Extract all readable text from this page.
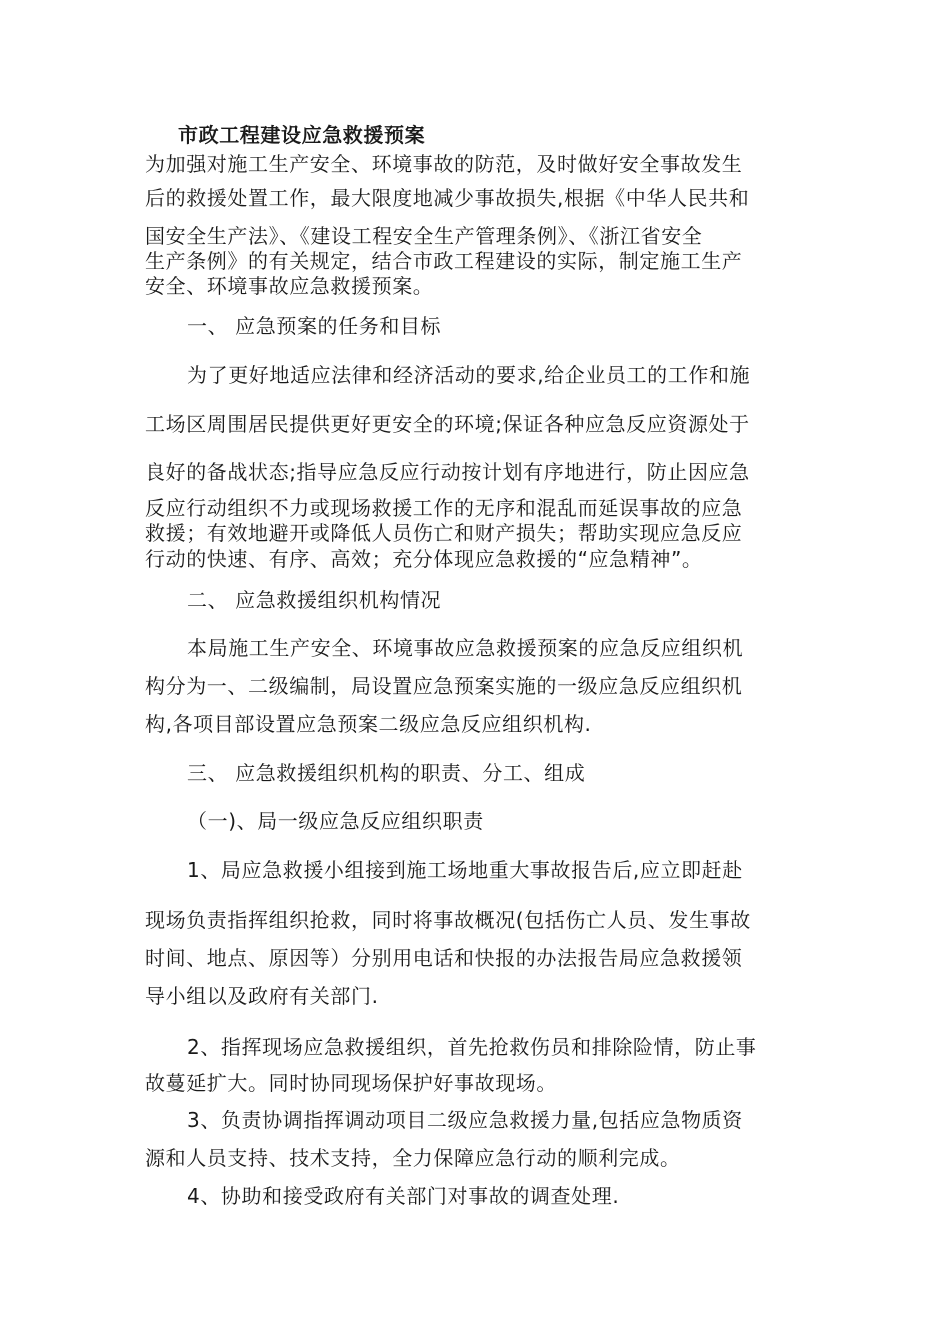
市政工程建设应急救援预案
为加强对施工生产安全、环境事故的防范，及时做好安全事故发生
后的救援处置工作，最大限度地减少事故损失,根据《中华人民共和
国安全生产法》、《建设工程安全生产管理条例》、《浙江省安全
生产条例》的有关规定，结合市政工程建设的实际，制定施工生产
安全、环境事故应急救援预案。
一、 应急预案的任务和目标
为了更好地适应法律和经济活动的要求,给企业员工的工作和施
工场区周围居民提供更好更安全的环境;保证各种应急反应资源处于
良好的备战状态;指导应急反应行动按计划有序地进行，防止因应急
反应行动组织不力或现场救援工作的无序和混乱而延误事故的应急
救援；有效地避开或降低人员伤亡和财产损失；帮助实现应急反应
行动的快速、有序、高效；充分体现应急救援的“应急精神”。
二、 应急救援组织机构情况
本局施工生产安全、环境事故应急救援预案的应急反应组织机
构分为一、二级编制，局设置应急预案实施的一级应急反应组织机
构,各项目部设置应急预案二级应急反应组织机构.
三、 应急救援组织机构的职责、分工、组成
（一)、局一级应急反应组织职责
1、局应急救援小组接到施工场地重大事故报告后,应立即赶赴
现场负责指挥组织抢救，同时将事故概况(包括伤亡人员、发生事故
时间、地点、原因等）分别用电话和快报的办法报告局应急救援领
导小组以及政府有关部门.
2、指挥现场应急救援组织，首先抢救伤员和排除险情，防止事
故蔓延扩大。同时协同现场保护好事故现场。
3、负责协调指挥调动项目二级应急救援力量,包括应急物质资
源和人员支持、技术支持，全力保障应急行动的顺利完成。
4、协助和接受政府有关部门对事故的调查处理.
